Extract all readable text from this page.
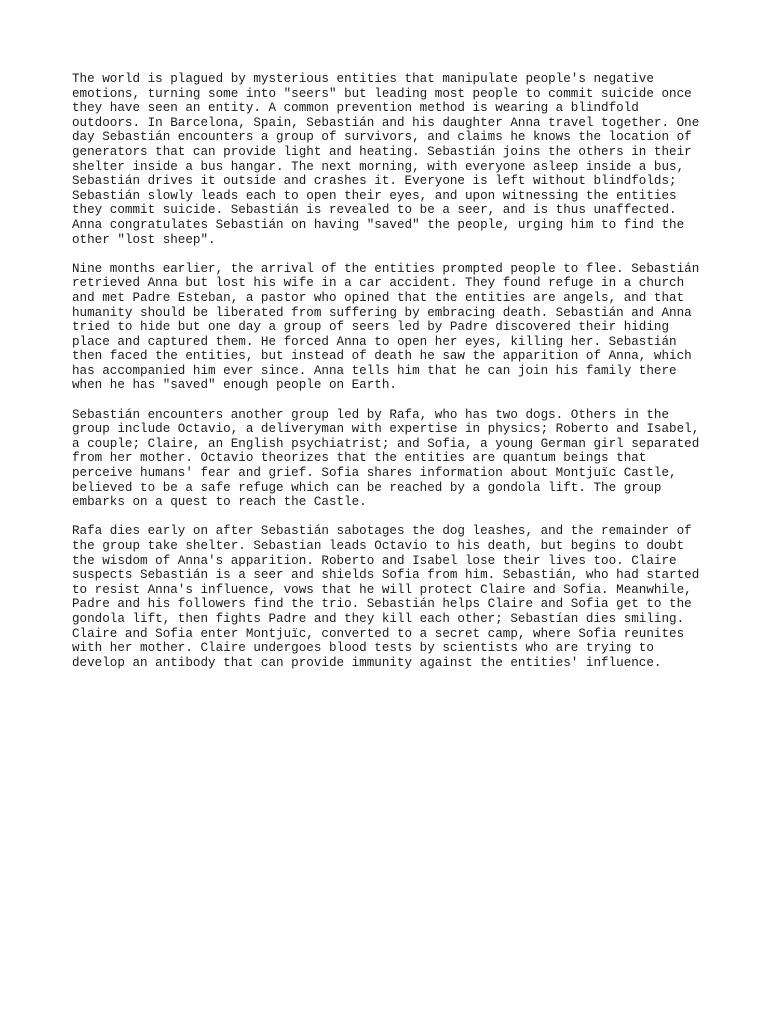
The world is plagued by mysterious entities that manipulate people's negative
emotions, turning some into "seers" but leading most people to commit suicide once
they have seen an entity. A common prevention method is wearing a blindfold
outdoors. In Barcelona, Spain, Sebastián and his daughter Anna travel together. One
day Sebastián encounters a group of survivors, and claims he knows the location of
generators that can provide light and heating. Sebastián joins the others in their
shelter inside a bus hangar. The next morning, with everyone asleep inside a bus,
Sebastián drives it outside and crashes it. Everyone is left without blindfolds;
Sebastián slowly leads each to open their eyes, and upon witnessing the entities
they commit suicide. Sebastián is revealed to be a seer, and is thus unaffected.
Anna congratulates Sebastián on having "saved" the people, urging him to find the
other "lost sheep".

Nine months earlier, the arrival of the entities prompted people to flee. Sebastián
retrieved Anna but lost his wife in a car accident. They found refuge in a church
and met Padre Esteban, a pastor who opined that the entities are angels, and that
humanity should be liberated from suffering by embracing death. Sebastián and Anna
tried to hide but one day a group of seers led by Padre discovered their hiding
place and captured them. He forced Anna to open her eyes, killing her. Sebastián
then faced the entities, but instead of death he saw the apparition of Anna, which
has accompanied him ever since. Anna tells him that he can join his family there
when he has "saved" enough people on Earth.

Sebastián encounters another group led by Rafa, who has two dogs. Others in the
group include Octavio, a deliveryman with expertise in physics; Roberto and Isabel,
a couple; Claire, an English psychiatrist; and Sofia, a young German girl separated
from her mother. Octavio theorizes that the entities are quantum beings that
perceive humans' fear and grief. Sofia shares information about Montjuïc Castle,
believed to be a safe refuge which can be reached by a gondola lift. The group
embarks on a quest to reach the Castle.

Rafa dies early on after Sebastián sabotages the dog leashes, and the remainder of
the group take shelter. Sebastian leads Octavio to his death, but begins to doubt
the wisdom of Anna's apparition. Roberto and Isabel lose their lives too. Claire
suspects Sebastián is a seer and shields Sofia from him. Sebastián, who had started
to resist Anna's influence, vows that he will protect Claire and Sofia. Meanwhile,
Padre and his followers find the trio. Sebastián helps Claire and Sofia get to the
gondola lift, then fights Padre and they kill each other; Sebastían dies smiling.
Claire and Sofia enter Montjuïc, converted to a secret camp, where Sofia reunites
with her mother. Claire undergoes blood tests by scientists who are trying to
develop an antibody that can provide immunity against the entities' influence.
